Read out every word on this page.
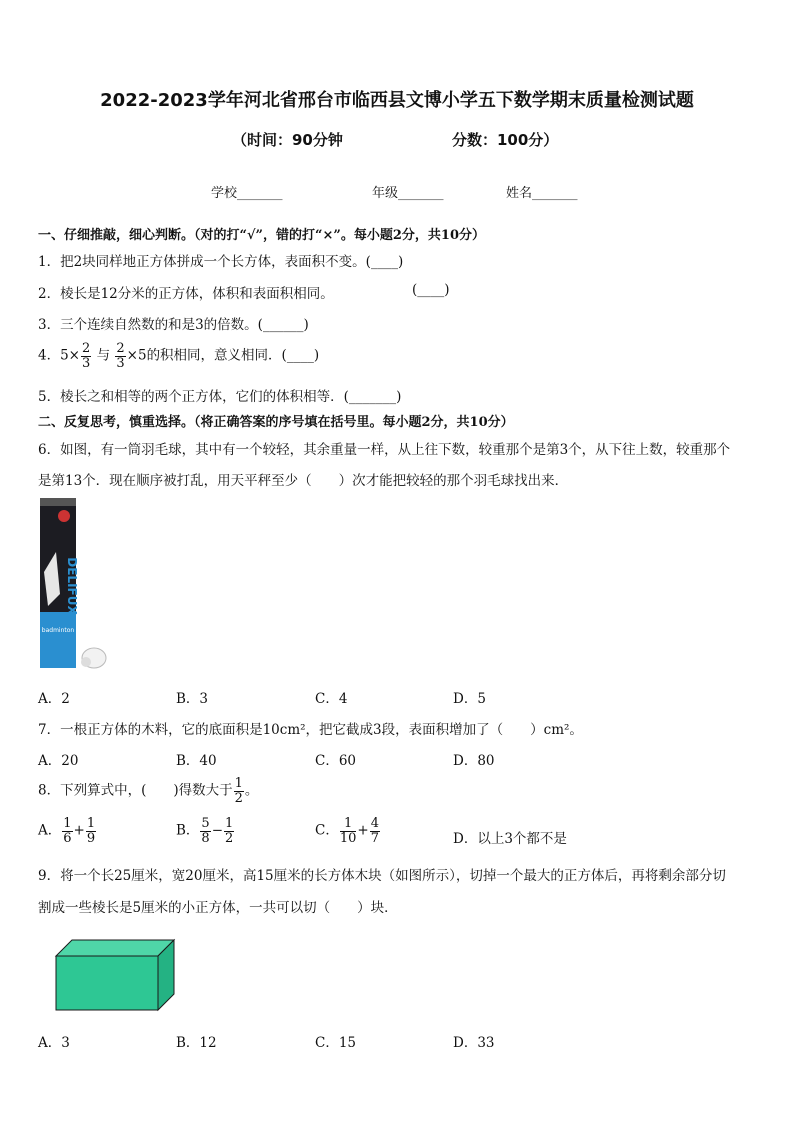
2022-2023学年河北省邢台市临西县文博小学五下数学期末质量检测试题
（时间：90分钟	分数：100分）
学校_______	年级_______	姓名_______
一、仔细推敲，细心判断。（对的打“√”，错的打“×”。每小题2分，共10分）
1．把2块同样地正方体拼成一个长方体，表面积不变。(____)
2．棱长是12分米的正方体，体积和表面积相同。	(____)
3．三个连续自然数的和是3的倍数。(______)
4．$5\times \frac{2}{3}$ 与 $\frac{2}{3} \times 5$的积相同，意义相同．(____)
5．棱长之和相等的两个正方体，它们的体积相等．(_______)
二、反复思考，慎重选择。（将正确答案的序号填在括号里。每小题2分，共10分）
6．如图，有一筒羽毛球，其中有一个较轻，其余重量一样，从上往下数，较重那个是第3个，从下往上数，较重那个
是第13个．现在顺序被打乱，用天平秤至少（　　）次才能把较轻的那个羽毛球找出来．
DELIFUX
badminton
A．2	B．3	C．4	D．5
7．一根正方体的木料，它的底面积是10cm²，把它截成3段，表面积增加了（　　）cm²。
A．20	B．40	C．60	D．80
8．下列算式中，(　　)得数大于 $\frac{1}{2}$ 。
A． $\frac{1}{6} + \frac{1}{9}$	B． $\frac{5}{8} - \frac{1}{2}$	C． $\frac{1}{10} + \frac{4}{7}$	D．以上3个都不是
9．将一个长25厘米，宽20厘米，高15厘米的长方体木块（如图所示），切掉一个最大的正方体后，再将剩余部分切
割成一些棱长是5厘米的小正方体，一共可以切（　　）块．
A．3	B．12	C．15	D．33
